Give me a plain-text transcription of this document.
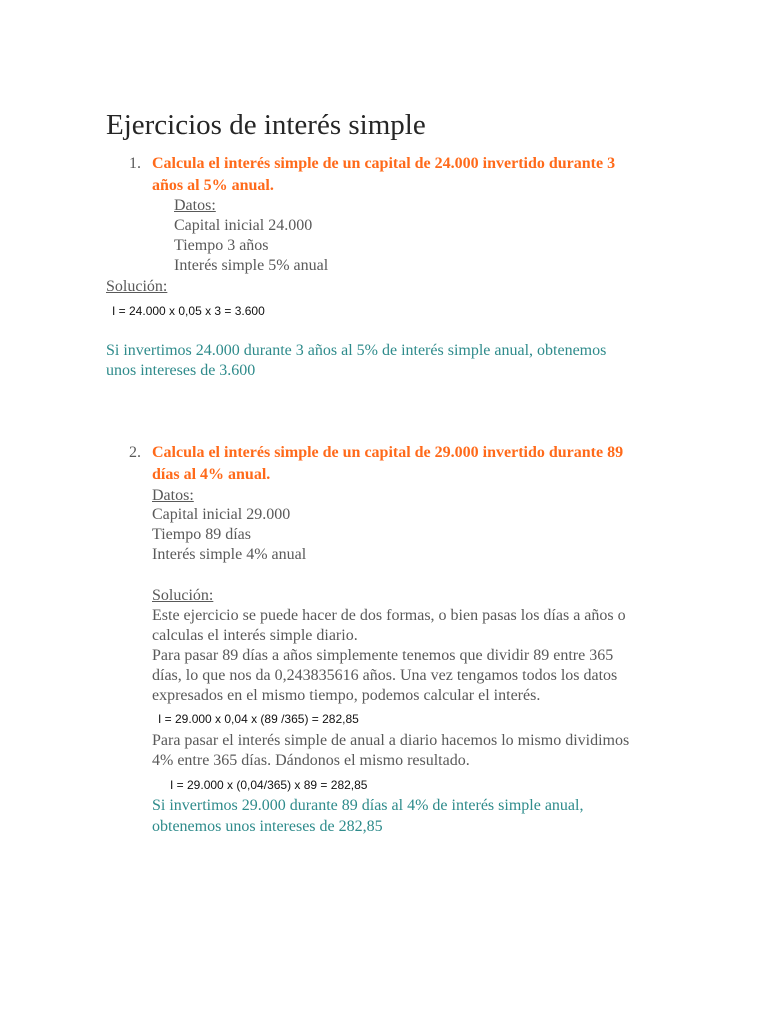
Ejercicios de interés simple
1. Calcula el interés simple de un capital de 24.000 invertido durante 3
años al 5% anual.
Datos:
Capital inicial 24.000
Tiempo 3 años
Interés simple 5% anual
Solución:
I = 24.000 x 0,05 x 3 = 3.600
Si invertimos 24.000 durante 3 años al 5% de interés simple anual, obtenemos
unos intereses de 3.600
2. Calcula el interés simple de un capital de 29.000 invertido durante 89
días al 4% anual.
Datos:
Capital inicial 29.000
Tiempo 89 días
Interés simple 4% anual
Solución:
Este ejercicio se puede hacer de dos formas, o bien pasas los días a años o
calculas el interés simple diario.
Para pasar 89 días a años simplemente tenemos que dividir 89 entre 365
días, lo que nos da 0,243835616 años. Una vez tengamos todos los datos
expresados en el mismo tiempo, podemos calcular el interés.
I = 29.000 x 0,04 x (89 /365) = 282,85
Para pasar el interés simple de anual a diario hacemos lo mismo dividimos
4% entre 365 días. Dándonos el mismo resultado.
I = 29.000 x (0,04/365) x 89 = 282,85
Si invertimos 29.000 durante 89 días al 4% de interés simple anual,
obtenemos unos intereses de 282,85
